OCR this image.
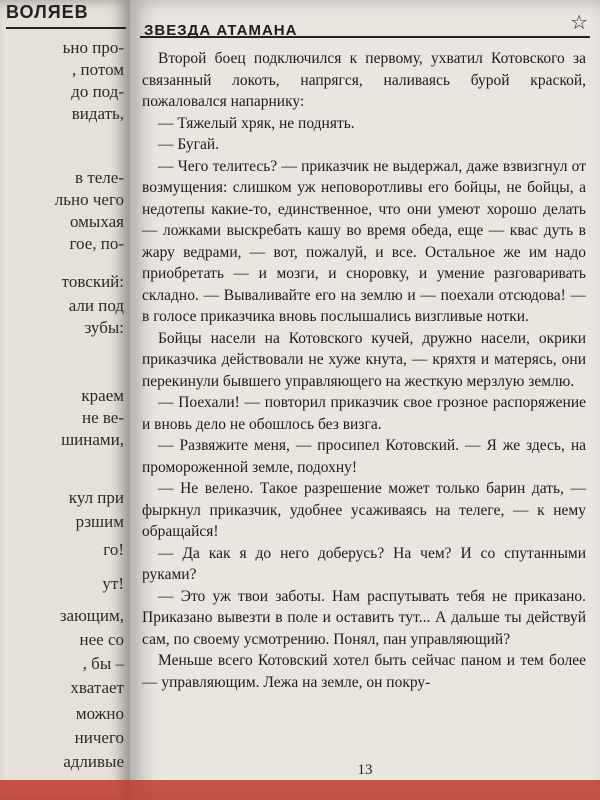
ьно про-
, потом
до под-
видать,
в теле-
льно чего
омыхая
гое, по-
товский:
али под
зубы:
краем
не ве-
шинами,
кул при
рзшим
го!
ут!
зающим,
нее со
, бы –
хватает
можно
ничего
адливые
ВОЛЯЕВ
ЗВЕЗДА АТАМАНА	☆

Второй боец подключился к первому, ухватил Котовского за связанный локоть, напрягся, наливаясь бурой краской, пожаловался напарнику:

— Тяжелый хряк, не поднять.

— Бугай.

— Чего телитесь? — приказчик не выдержал, даже взвизгнул от возмущения: слишком уж неповоротливы его бойцы, не бойцы, а недотепы какие-то, единственное, что они умеют хорошо делать — ложками выскребать кашу во время обеда, еще — квас дуть в жару ведрами, — вот, пожалуй, и все. Остальное же им надо приобретать — и мозги, и сноровку, и умение разговаривать складно. — Вываливайте его на землю и — поехали отсюдова! — в голосе приказчика вновь послышались визгливые нотки.

Бойцы насели на Котовского кучей, дружно насели, окрики приказчика действовали не хуже кнута, — кряхтя и матерясь, они перекинули бывшего управляющего на жесткую мерзлую землю.

— Поехали! — повторил приказчик свое грозное распоряжение и вновь дело не обошлось без визга.

— Развяжите меня, — просипел Котовский. — Я же здесь, на промороженной земле, подохну!

— Не велено. Такое разрешение может только барин дать, — фыркнул приказчик, удобнее усаживаясь на телеге, — к нему обращайся!

— Да как я до него доберусь? На чем? И со спутанными руками?

— Это уж твои заботы. Нам распутывать тебя не приказано. Приказано вывезти в поле и оставить тут... А дальше ты действуй сам, по своему усмотрению. Понял, пан управляющий?

Меньше всего Котовский хотел быть сейчас паном и тем более — управляющим. Лежа на земле, он покру-

13
